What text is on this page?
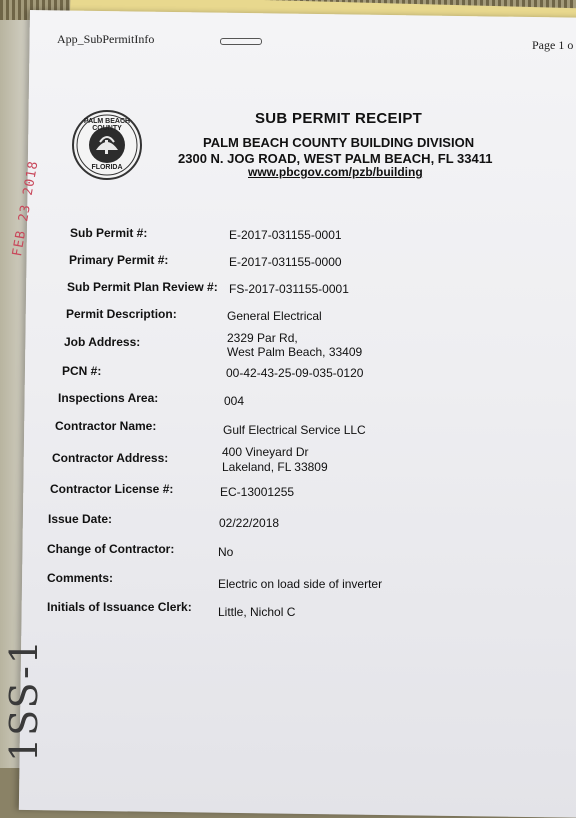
1SS-1
FEB 23 2018
App_SubPermitInfo	Page 1 o
PALM BEACH COUNTY
FLORIDA
SUB PERMIT RECEIPT
PALM BEACH COUNTY BUILDING DIVISION
2300 N. JOG ROAD, WEST PALM BEACH, FL 33411
www.pbcgov.com/pzb/building
Sub Permit #:	E-2017-031155-0001
Primary Permit #:	E-2017-031155-0000
Sub Permit Plan Review #: FS-2017-031155-0001
Permit Description:	General Electrical
Job Address:	2329 Par Rd,
West Palm Beach, 33409
PCN #:	00-42-43-25-09-035-0120
Inspections Area:	004
Contractor Name:	Gulf Electrical Service LLC
Contractor Address:	400 Vineyard Dr
Lakeland, FL 33809
Contractor License #:	EC-13001255
Issue Date:	02/22/2018
Change of Contractor:	No
Comments:	Electric on load side of inverter
Initials of Issuance Clerk: Little, Nichol C
